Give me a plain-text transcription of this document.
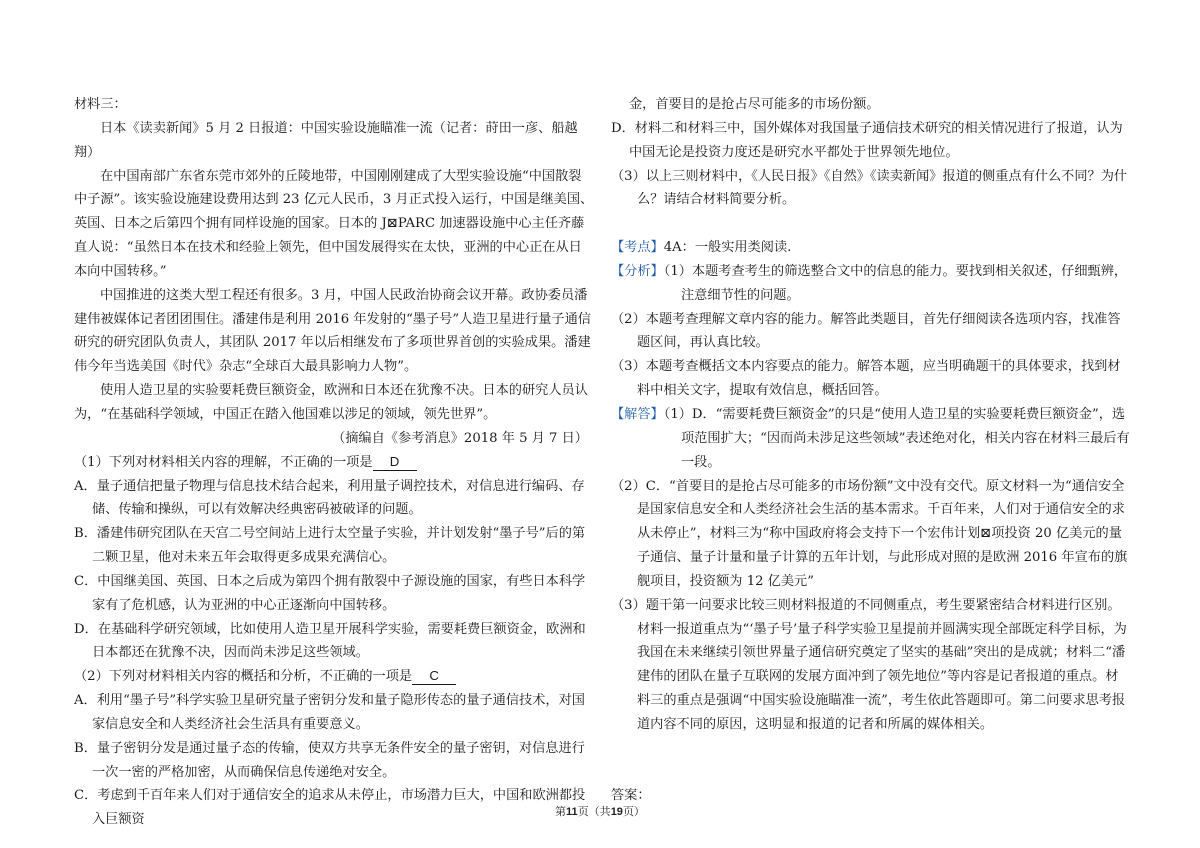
材料三：

日本《读卖新闻》5 月 2 日报道：中国实验设施瞄准一流（记者：莳田一彦、船越翔）

在中国南部广东省东莞市郊外的丘陵地带，中国刚刚建成了大型实验设施“中国散裂中子源”。该实验设施建设费用达到 23 亿元人民币，3 月正式投入运行，中国是继美国、英国、日本之后第四个拥有同样设施的国家。日本的 J⊠PARC 加速器设施中心主任齐藤直人说：“虽然日本在技术和经验上领先，但中国发展得实在太快，亚洲的中心正在从日本向中国转移。”

中国推进的这类大型工程还有很多。3 月，中国人民政治协商会议开幕。政协委员潘建伟被媒体记者团团围住。潘建伟是利用 2016 年发射的“墨子号”人造卫星进行量子通信研究的研究团队负责人，其团队 2017 年以后相继发布了多项世界首创的实验成果。潘建伟今年当选美国《时代》杂志“全球百大最具影响力人物”。

使用人造卫星的实验要耗费巨额资金，欧洲和日本还在犹豫不决。日本的研究人员认为，“在基础科学领域，中国正在踏入他国难以涉足的领域，领先世界”。

（摘编自《参考消息》2018 年 5 月 7 日）

（1）下列对材料相关内容的理解，不正确的一项是 D

A．量子通信把量子物理与信息技术结合起来，利用量子调控技术，对信息进行编码、存储、传输和操纵，可以有效解决经典密码被破译的问题。

B．潘建伟研究团队在天宫二号空间站上进行太空量子实验，并计划发射“墨子号”后的第二颗卫星，他对未来五年会取得更多成果充满信心。

C．中国继美国、英国、日本之后成为第四个拥有散裂中子源设施的国家，有些日本科学家有了危机感，认为亚洲的中心正逐渐向中国转移。

D．在基础科学研究领域，比如使用人造卫星开展科学实验，需要耗费巨额资金，欧洲和日本都还在犹豫不决，因而尚未涉足这些领域。

（2）下列对材料相关内容的概括和分析，不正确的一项是 C

A．利用“墨子号”科学实验卫星研究量子密钥分发和量子隐形传态的量子通信技术，对国家信息安全和人类经济社会生活具有重要意义。

B．量子密钥分发是通过量子态的传输，使双方共享无条件安全的量子密钥，对信息进行一次一密的严格加密，从而确保信息传递绝对安全。

C．考虑到千百年来人们对于通信安全的追求从未停止，市场潜力巨大，中国和欧洲都投入巨额资

金，首要目的是抢占尽可能多的市场份额。

D．材料二和材料三中，国外媒体对我国量子通信技术研究的相关情况进行了报道，认为中国无论是投资力度还是研究水平都处于世界领先地位。

（3）以上三则材料中，《人民日报》《自然》《读卖新闻》报道的侧重点有什么不同？为什么？请结合材料简要分析。

【考点】4A：一般实用类阅读.

【分析】（1）本题考查考生的筛选整合文中的信息的能力。要找到相关叙述，仔细甄辨，注意细节性的问题。

（2）本题考查理解文章内容的能力。解答此类题目，首先仔细阅读各选项内容，找准答题区间，再认真比较。

（3）本题考查概括文本内容要点的能力。解答本题，应当明确题干的具体要求，找到材料中相关文字，提取有效信息，概括回答。

【解答】（1）D．“需要耗费巨额资金”的只是“使用人造卫星的实验要耗费巨额资金”，选项范围扩大；“因而尚未涉足这些领域”表述绝对化，相关内容在材料三最后有一段。

（2）C．“首要目的是抢占尽可能多的市场份额”文中没有交代。原文材料一为“通信安全是国家信息安全和人类经济社会生活的基本需求。千百年来，人们对于通信安全的求从未停止”，材料三为“称中国政府将会支持下一个宏伟计划⊠项投资 20 亿美元的量子通信、量子计量和量子计算的五年计划，与此形成对照的是欧洲 2016 年宣布的旗舰项目，投资额为 12 亿美元”

（3）题干第一问要求比较三则材料报道的不同侧重点，考生要紧密结合材料进行区别。材料一报道重点为“‘墨子号’量子科学实验卫星提前并圆满实现全部既定科学目标，为我国在未来继续引领世界量子通信研究奠定了坚实的基础”突出的是成就；材料二“潘建伟的团队在量子互联网的发展方面冲到了领先地位”等内容是记者报道的重点。材料三的重点是强调“中国实验设施瞄准一流”，考生依此答题即可。第二问要求思考报道内容不同的原因，这明显和报道的记者和所属的媒体相关。

答案：

第11页（共19页）
